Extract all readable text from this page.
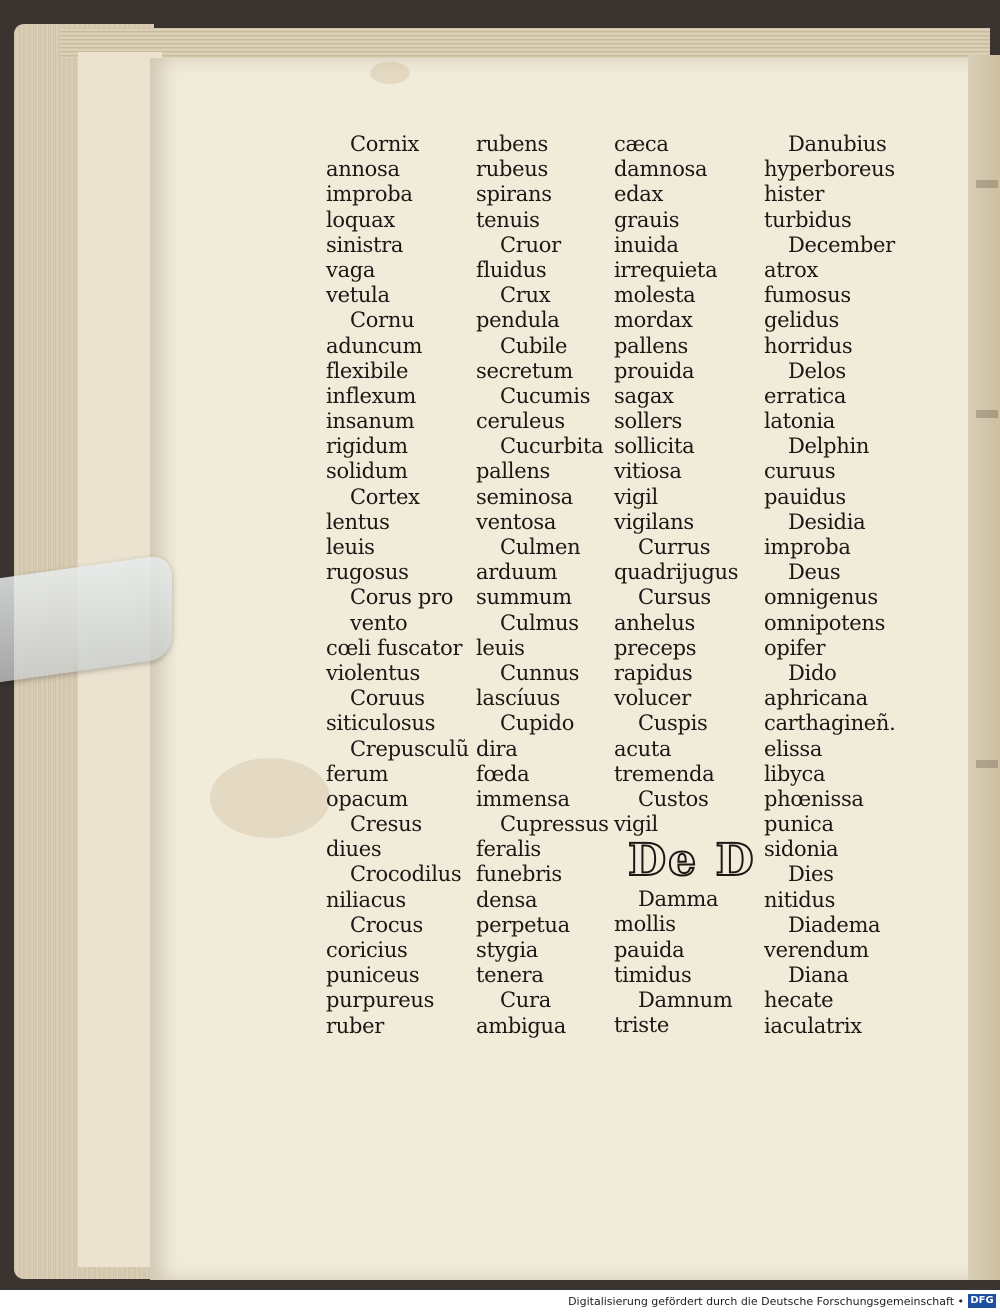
Cornix
annosa
improba
loquax
sinistra
vaga
vetula
Cornu
aduncum
flexibile
inflexum
insanum
rigidum
solidum
Cortex
lentus
leuis
rugosus
Corus pro
vento
cœli fuscator
violentus
Coruus
siticulosus
Crepusculũ
ferum
opacum
Cresus
diues
Crocodilus
niliacus
Crocus
coricius
puniceus
purpureus
ruber
rubens
rubeus
spirans
tenuis
Cruor
fluidus
Crux
pendula
Cubile
secretum
Cucumis
ceruleus
Cucurbita
pallens
seminosa
ventosa
Culmen
arduum
summum
Culmus
leuis
Cunnus
lascíuus
Cupido
dira
fœda
immensa
Cupressus
feralis
funebris
densa
perpetua
stygia
tenera
Cura
ambigua
cæca
damnosa
edax
grauis
inuida
irrequieta
molesta
mordax
pallens
prouida
sagax
sollers
sollicita
vitiosa
vigil
vigilans
Currus
quadrijugus
Cursus
anhelus
preceps
rapidus
volucer
Cuspis
acuta
tremenda
Custos
vigil
De D
Damma
mollis
pauida
timidus
Damnum
triste
Danubius
hyperboreus
hister
turbidus
December
atrox
fumosus
gelidus
horridus
Delos
erratica
latonia
Delphin
curuus
pauidus
Desidia
improba
Deus
omnigenus
omnipotens
opifer
Dido
aphricana
carthagineñ.
elissa
libyca
phœnissa
punica
sidonia
Dies
nitidus
Diadema
verendum
Diana
hecate
iaculatrix
Digitalisierung gefördert durch die Deutsche Forschungsgemeinschaft • DFG
